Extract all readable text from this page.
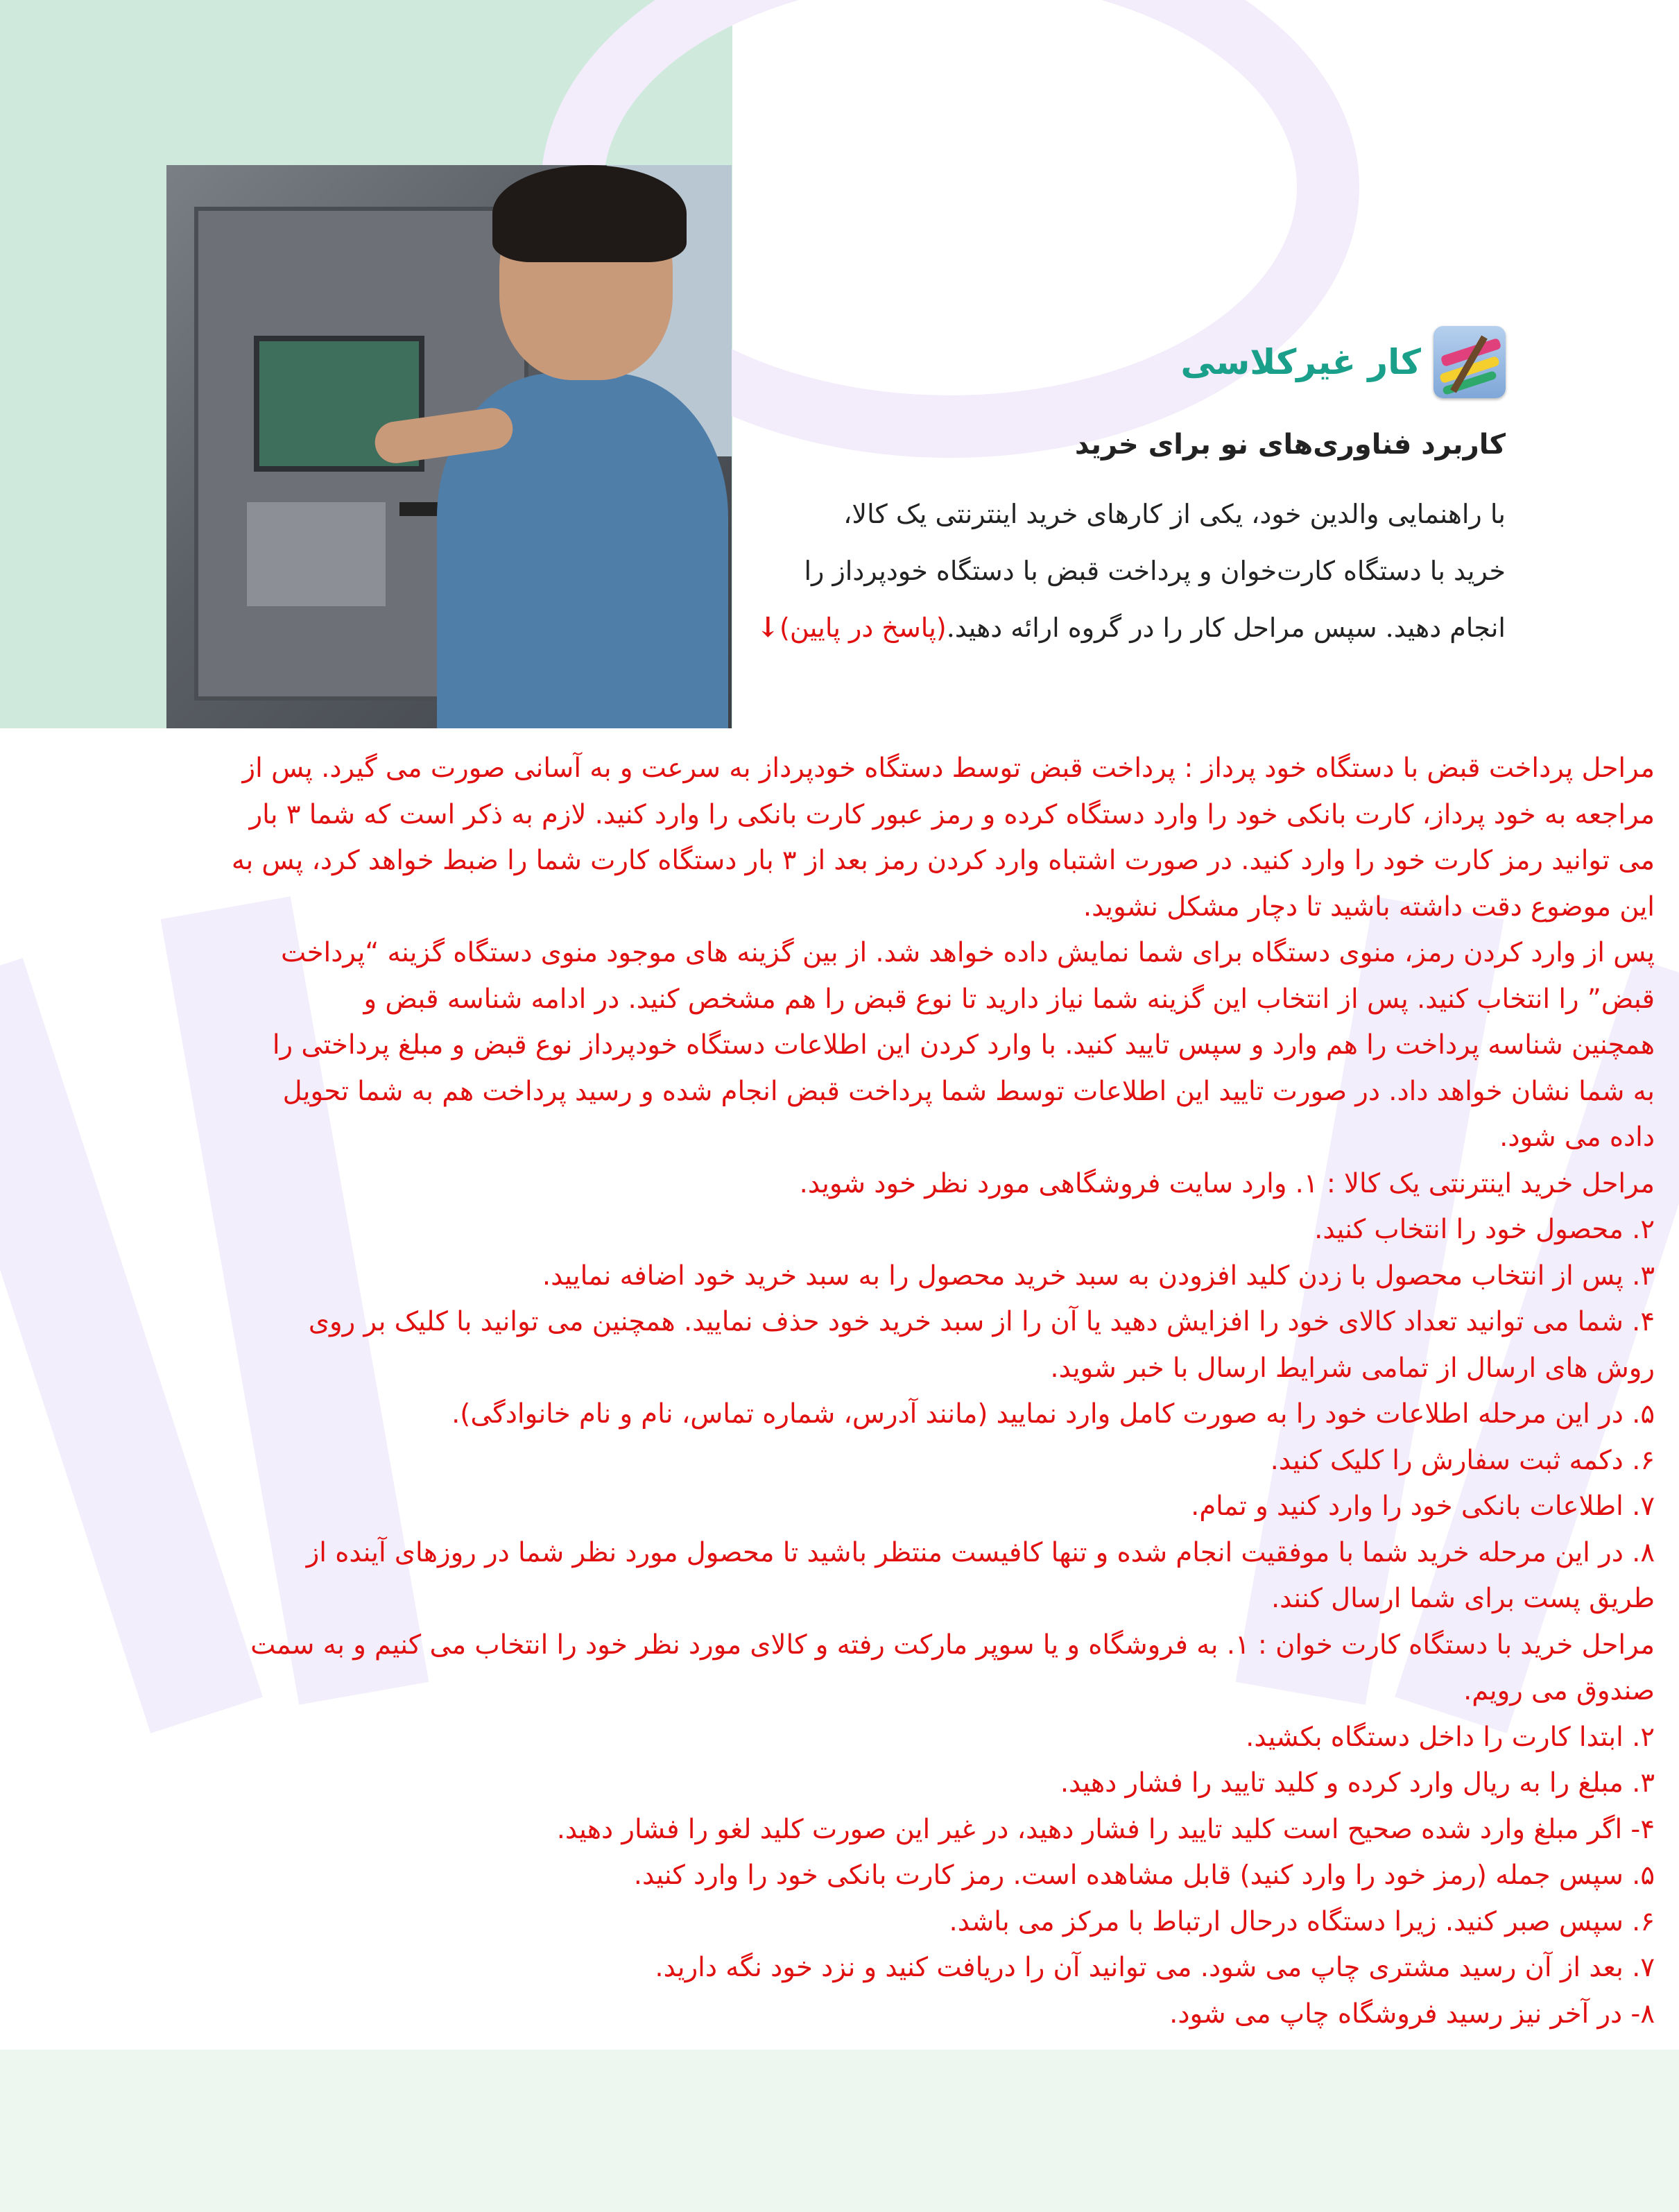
کار غیرکلاسی
کاربرد فناوری‌های نو برای خرید
با راهنمایی والدین خود، یکی از کارهای خرید اینترنتی یک کالا،
خرید با دستگاه کارت‌خوان و پرداخت قبض با دستگاه خودپرداز را
انجام دهید. سپس مراحل کار را در گروه ارائه دهید.(پاسخ در پایین)↓

مراحل پرداخت قبض با دستگاه خود پرداز : پرداخت قبض توسط دستگاه خودپرداز به سرعت و به آسانی صورت می گیرد. پس از

مراجعه به خود پرداز، کارت بانکی خود را وارد دستگاه کرده و رمز عبور کارت بانکی را وارد کنید. لازم به ذکر است که شما ۳ بار

می توانید رمز کارت خود را وارد کنید. در صورت اشتباه وارد کردن رمز بعد از ۳ بار دستگاه کارت شما را ضبط خواهد کرد، پس به

این موضوع دقت داشته باشید تا دچار مشکل نشوید.

پس از وارد کردن رمز، منوی دستگاه برای شما نمایش داده خواهد شد. از بین گزینه های موجود منوی دستگاه گزینه “پرداخت

قبض” را انتخاب کنید. پس از انتخاب این گزینه شما نیاز دارید تا نوع قبض را هم مشخص کنید. در ادامه شناسه قبض و

همچنین شناسه پرداخت را هم وارد و سپس تایید کنید. با وارد کردن این اطلاعات دستگاه خودپرداز نوع قبض و مبلغ پرداختی را

به شما نشان خواهد داد. در صورت تایید این اطلاعات توسط شما پرداخت قبض انجام شده و رسید پرداخت هم به شما تحویل

داده می شود.

مراحل خرید اینترنتی یک کالا : ۱. وارد سایت فروشگاهی مورد نظر خود شوید.

۲. محصول خود را انتخاب کنید.

۳. پس از انتخاب محصول با زدن کلید افزودن به سبد خرید محصول را به سبد خرید خود اضافه نمایید.

۴. شما می توانید تعداد کالای خود را افزایش دهید یا آن را از سبد خرید خود حذف نمایید. همچنین می توانید با کلیک بر روی

روش های ارسال از تمامی شرایط ارسال با خبر شوید.

۵. در این مرحله اطلاعات خود را به صورت کامل وارد نمایید (مانند آدرس، شماره تماس، نام و نام خانوادگی).

۶. دکمه ثبت سفارش را کلیک کنید.

۷. اطلاعات بانکی خود را وارد کنید و تمام.

۸. در این مرحله خرید شما با موفقیت انجام شده و تنها کافیست منتظر باشید تا محصول مورد نظر شما در روزهای آینده از

طریق پست برای شما ارسال کنند.

مراحل خرید با دستگاه کارت خوان : ۱. به فروشگاه و یا سوپر مارکت رفته و کالای مورد نظر خود را انتخاب می کنیم و به سمت

صندوق می رویم.

۲. ابتدا کارت را داخل دستگاه بکشید.

۳. مبلغ را به ریال وارد کرده و کلید تایید را فشار دهید.

۴- اگر مبلغ وارد شده صحیح است کلید تایید را فشار دهید، در غیر این صورت کلید لغو را فشار دهید.

۵. سپس جمله (رمز خود را وارد کنید) قابل مشاهده است. رمز کارت بانکی خود را وارد کنید.

۶. سپس صبر کنید. زیرا دستگاه درحال ارتباط با مرکز می باشد.

۷. بعد از آن رسید مشتری چاپ می شود. می توانید آن را دریافت کنید و نزد خود نگه دارید.

۸- در آخر نیز رسید فروشگاه چاپ می شود.
